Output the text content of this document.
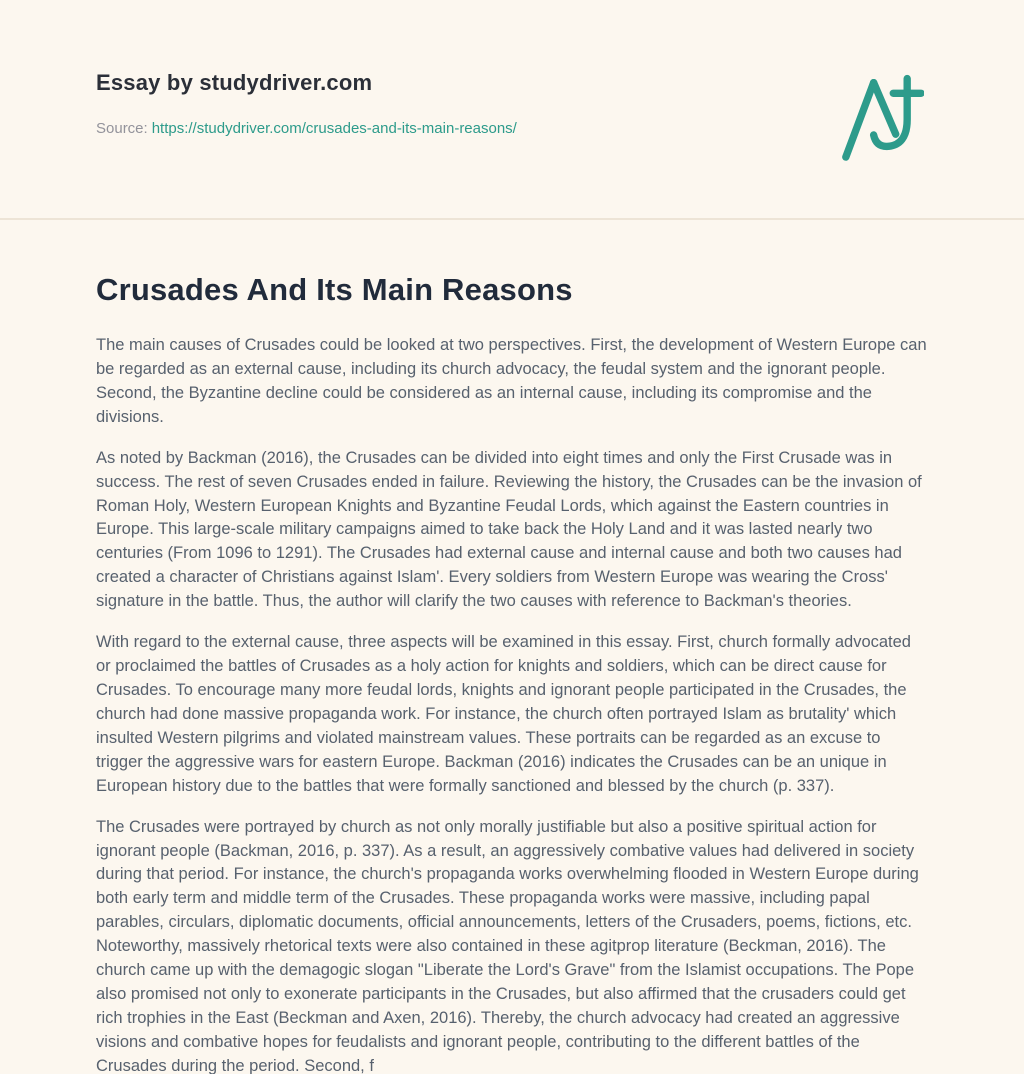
Essay by studydriver.com

Source: https://studydriver.com/crusades-and-its-main-reasons/

Crusades And Its Main Reasons

The main causes of Crusades could be looked at two perspectives. First, the development of Western Europe can be regarded as an external cause, including its church advocacy, the feudal system and the ignorant people. Second, the Byzantine decline could be considered as an internal cause, including its compromise and the divisions.

As noted by Backman (2016), the Crusades can be divided into eight times and only the First Crusade was in success. The rest of seven Crusades ended in failure. Reviewing the history, the Crusades can be the invasion of Roman Holy, Western European Knights and Byzantine Feudal Lords, which against the Eastern countries in Europe. This large-scale military campaigns aimed to take back the Holy Land and it was lasted nearly two centuries (From 1096 to 1291). The Crusades had external cause and internal cause and both two causes had created a character of Christians against Islam'. Every soldiers from Western Europe was wearing the Cross' signature in the battle. Thus, the author will clarify the two causes with reference to Backman's theories.

With regard to the external cause, three aspects will be examined in this essay. First, church formally advocated or proclaimed the battles of Crusades as a holy action for knights and soldiers, which can be direct cause for Crusades. To encourage many more feudal lords, knights and ignorant people participated in the Crusades, the church had done massive propaganda work. For instance, the church often portrayed Islam as brutality' which insulted Western pilgrims and violated mainstream values. These portraits can be regarded as an excuse to trigger the aggressive wars for eastern Europe. Backman (2016) indicates the Crusades can be an unique in European history due to the battles that were formally sanctioned and blessed by the church (p. 337).

The Crusades were portrayed by church as not only morally justifiable but also a positive spiritual action for ignorant people (Backman, 2016, p. 337). As a result, an aggressively combative values had delivered in society during that period. For instance, the church's propaganda works overwhelming flooded in Western Europe during both early term and middle term of the Crusades. These propaganda works were massive, including papal parables, circulars, diplomatic documents, official announcements, letters of the Crusaders, poems, fictions, etc. Noteworthy, massively rhetorical texts were also contained in these agitprop literature (Beckman, 2016). The church came up with the demagogic slogan "Liberate the Lord's Grave" from the Islamist occupations. The Pope also promised not only to exonerate participants in the Crusades, but also affirmed that the crusaders could get rich trophies in the East (Beckman and Axen, 2016). Thereby, the church advocacy had created an aggressive visions and combative hopes for feudalists and ignorant people, contributing to the different battles of the Crusades during the period. Second, f
